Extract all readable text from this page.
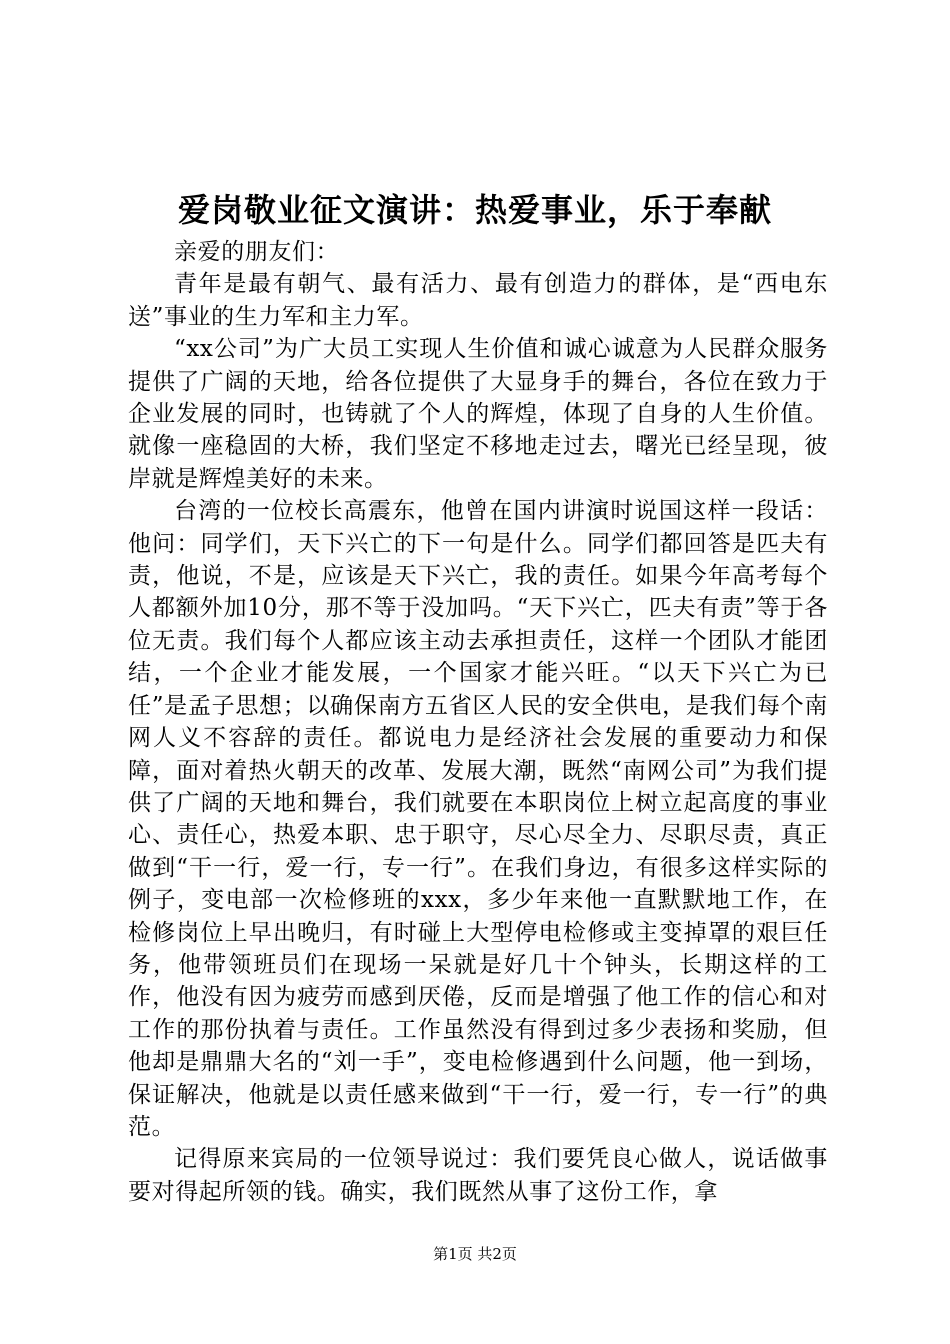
爱岗敬业征文演讲：热爱事业，乐于奉献

亲爱的朋友们：

青年是最有朝气、最有活力、最有创造力的群体，是“西电东送”事业的生力军和主力军。

“xx公司”为广大员工实现人生价值和诚心诚意为人民群众服务提供了广阔的天地，给各位提供了大显身手的舞台，各位在致力于企业发展的同时，也铸就了个人的辉煌，体现了自身的人生价值。就像一座稳固的大桥，我们坚定不移地走过去，曙光已经呈现，彼岸就是辉煌美好的未来。

台湾的一位校长高震东，他曾在国内讲演时说国这样一段话：他问：同学们，天下兴亡的下一句是什么。同学们都回答是匹夫有责，他说，不是，应该是天下兴亡，我的责任。如果今年高考每个人都额外加10分，那不等于没加吗。“天下兴亡，匹夫有责”等于各位无责。我们每个人都应该主动去承担责任，这样一个团队才能团结，一个企业才能发展，一个国家才能兴旺。“以天下兴亡为已任”是孟子思想；以确保南方五省区人民的安全供电，是我们每个南网人义不容辞的责任。都说电力是经济社会发展的重要动力和保障，面对着热火朝天的改革、发展大潮，既然“南网公司”为我们提供了广阔的天地和舞台，我们就要在本职岗位上树立起高度的事业心、责任心，热爱本职、忠于职守，尽心尽全力、尽职尽责，真正做到“干一行，爱一行，专一行”。在我们身边，有很多这样实际的例子，变电部一次检修班的xxx，多少年来他一直默默地工作，在检修岗位上早出晚归，有时碰上大型停电检修或主变掉罩的艰巨任务，他带领班员们在现场一呆就是好几十个钟头，长期这样的工作，他没有因为疲劳而感到厌倦，反而是增强了他工作的信心和对工作的那份执着与责任。工作虽然没有得到过多少表扬和奖励，但他却是鼎鼎大名的“刘一手”，变电检修遇到什么问题，他一到场，保证解决，他就是以责任感来做到“干一行，爱一行，专一行”的典范。

记得原来宾局的一位领导说过：我们要凭良心做人，说话做事要对得起所领的钱。确实，我们既然从事了这份工作，拿

第1页 共2页
